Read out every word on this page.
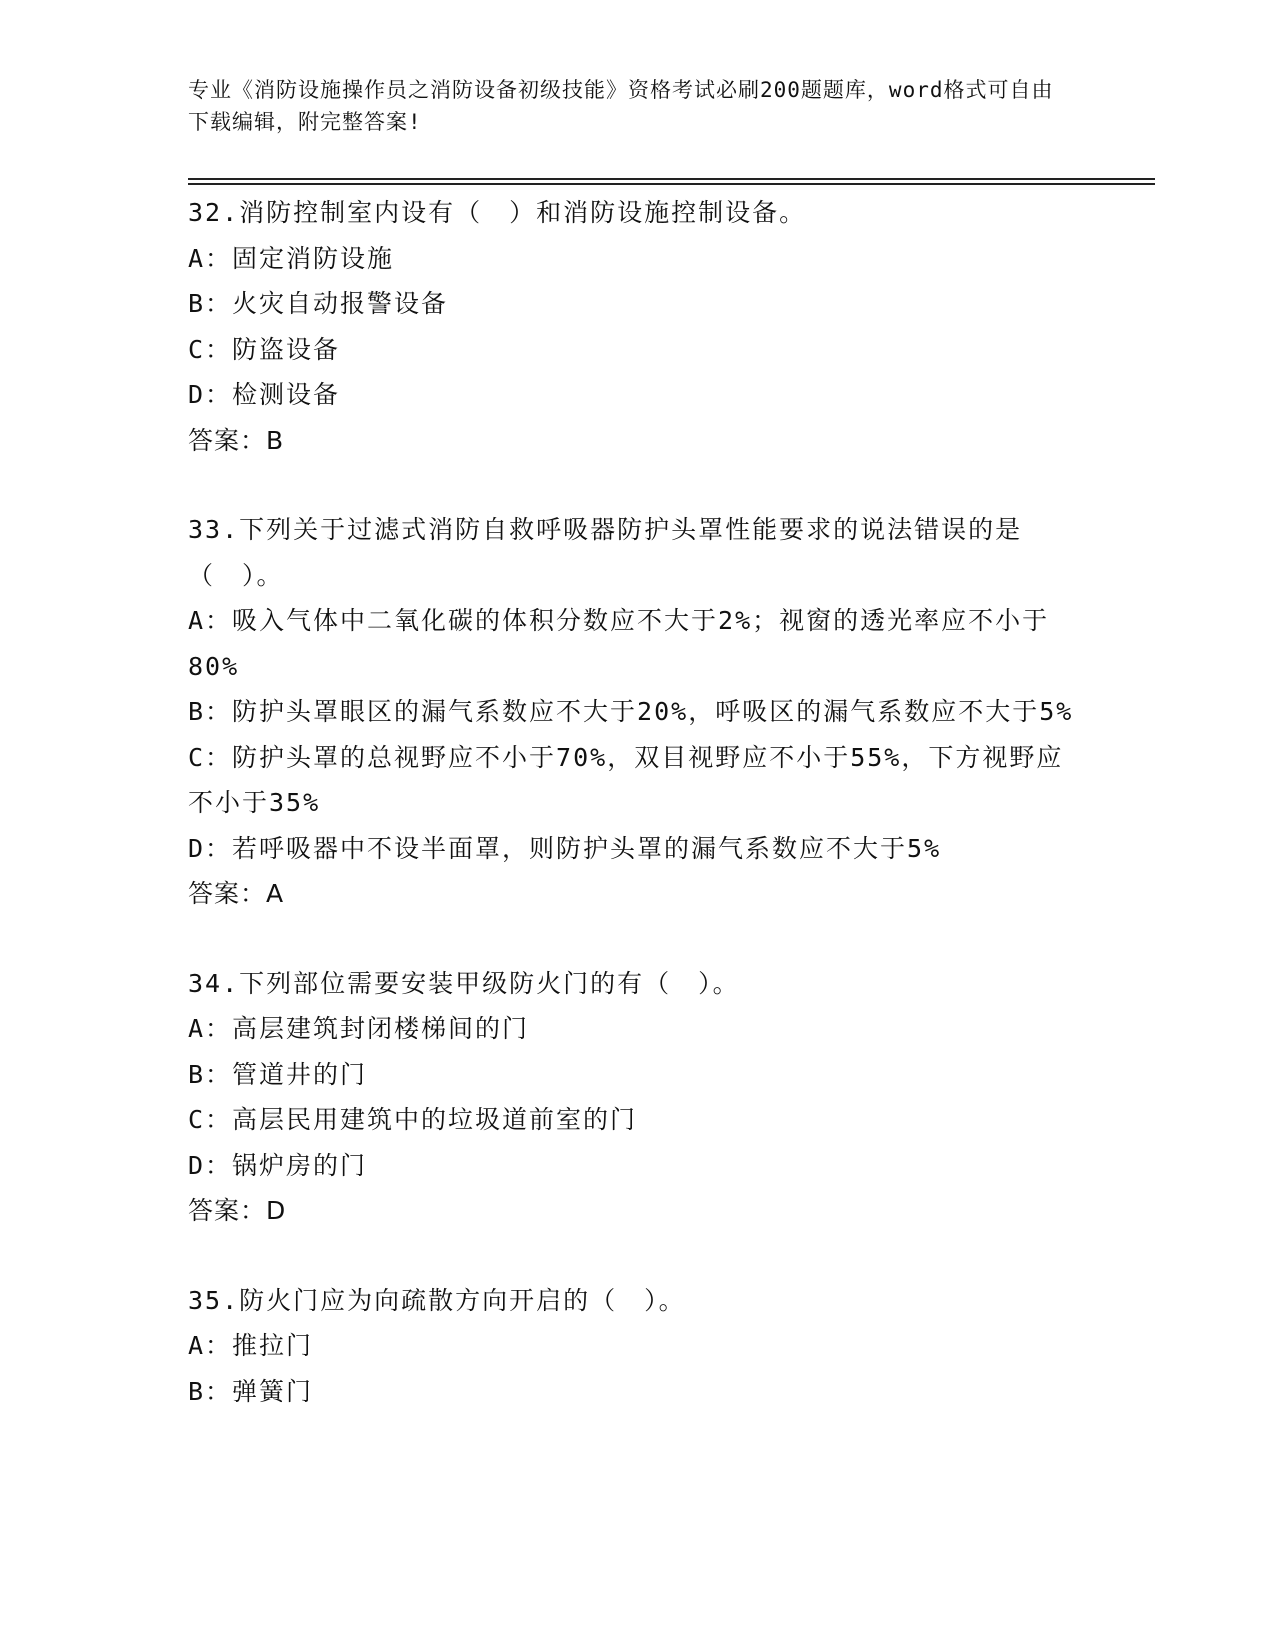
专业《消防设施操作员之消防设备初级技能》资格考试必刷200题题库，word格式可自由下载编辑，附完整答案!

32.消防控制室内设有（　）和消防设施控制设备。

A：固定消防设施

B：火灾自动报警设备

C：防盗设备

D：检测设备

答案：B

33.下列关于过滤式消防自救呼吸器防护头罩性能要求的说法错误的是（　）。

A：吸入气体中二氧化碳的体积分数应不大于2%；视窗的透光率应不小于80%

B：防护头罩眼区的漏气系数应不大于20%，呼吸区的漏气系数应不大于5%

C：防护头罩的总视野应不小于70%，双目视野应不小于55%，下方视野应不小于35%

D：若呼吸器中不设半面罩，则防护头罩的漏气系数应不大于5%

答案：A

34.下列部位需要安装甲级防火门的有（　）。

A：高层建筑封闭楼梯间的门

B：管道井的门

C：高层民用建筑中的垃圾道前室的门

D：锅炉房的门

答案：D

35.防火门应为向疏散方向开启的（　）。

A：推拉门

B：弹簧门
